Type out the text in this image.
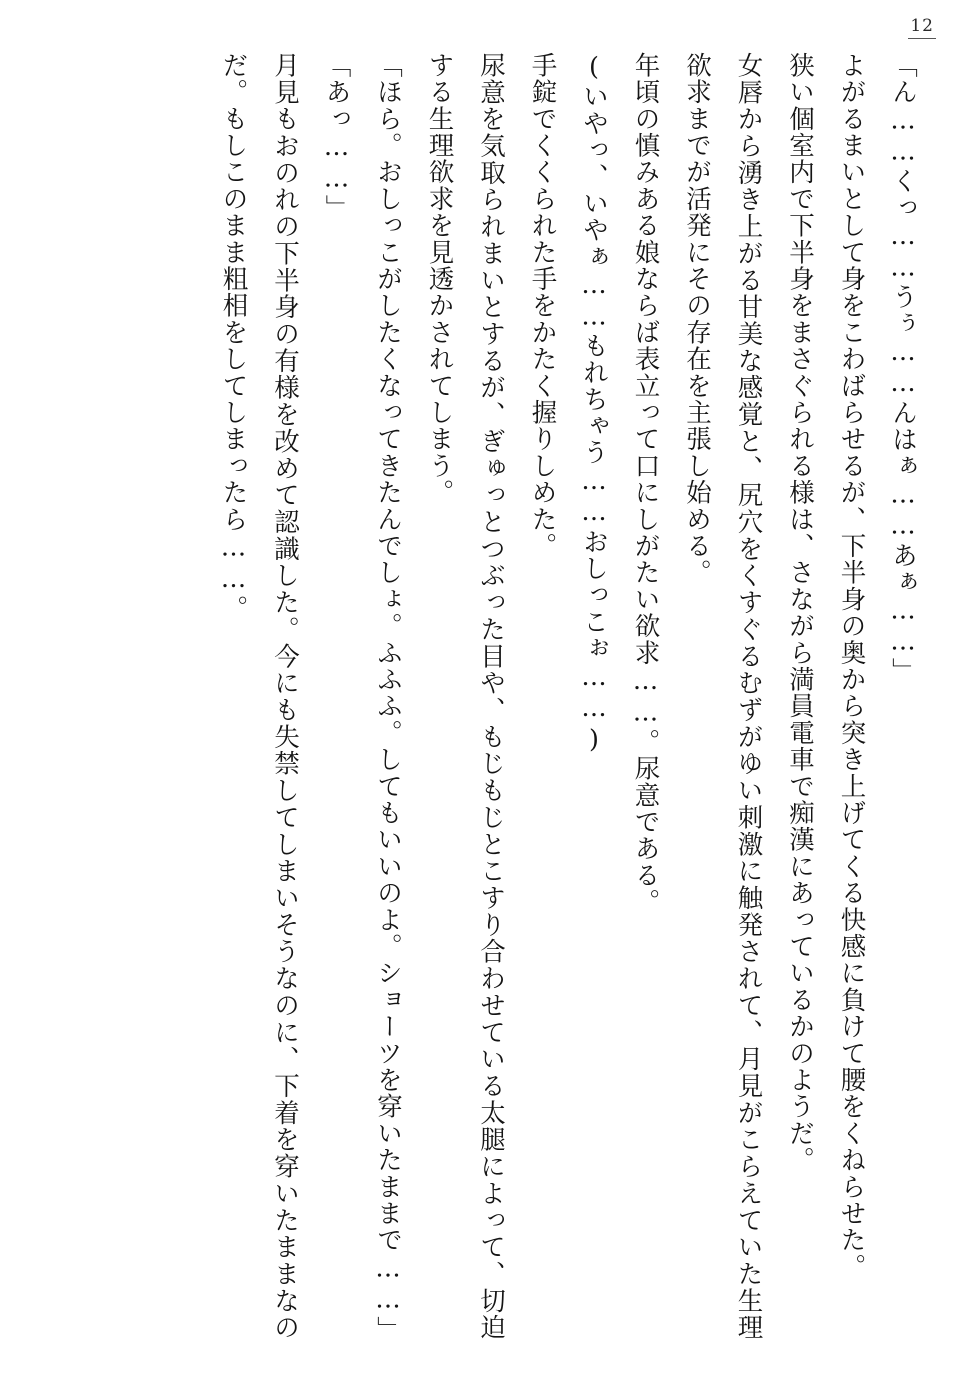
12

「ん……くっ……うぅ……んはぁ……あぁ……」

よがるまいとして身をこわばらせるが、下半身の奥から突き上げてくる快感に負けて腰をくねらせた。

狭い個室内で下半身をまさぐられる様は、さながら満員電車で痴漢にあっているかのようだ。

女唇から湧き上がる甘美な感覚と、尻穴をくすぐるむずがゆい刺激に触発されて、月見がこらえていた生理欲求までが活発にその存在を主張し始める。

年頃の慎みある娘ならば表立って口にしがたい欲求……。尿意である。

(いやっ、いやぁ……もれちゃう……おしっこぉ……)

手錠でくくられた手をかたく握りしめた。

尿意を気取られまいとするが、ぎゅっとつぶった目や、もじもじとこすり合わせている太腿によって、切迫する生理欲求を見透かされてしまう。

「ほら。おしっこがしたくなってきたんでしょ。ふふふ。してもいいのよ。ショーツを穿いたままで……」

「あっ……」

月見もおのれの下半身の有様を改めて認識した。今にも失禁してしまいそうなのに、下着を穿いたままなのだ。もしこのまま粗相をしてしまったら……。
